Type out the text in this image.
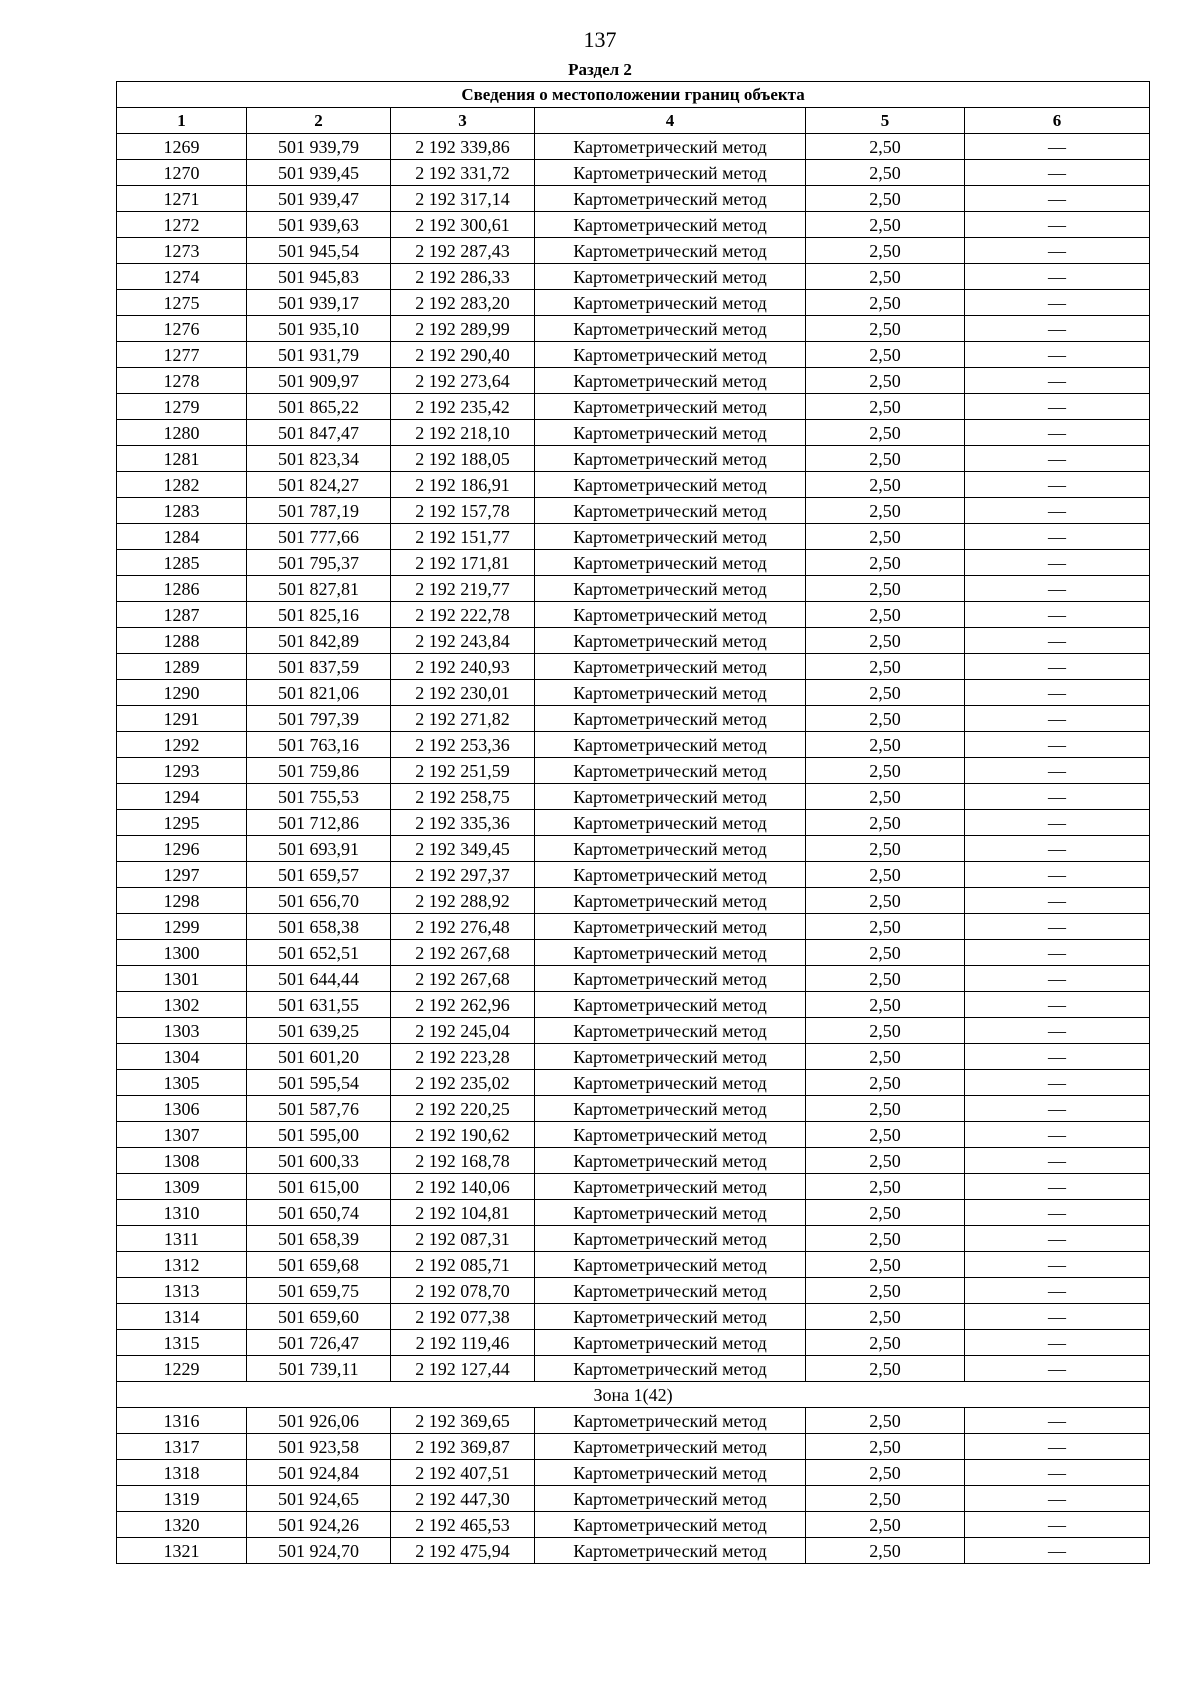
137
Раздел 2
Сведения о местоположении границ объекта					
1	2	3	4	5	6
1269	501 939,79	2 192 339,86	Картометрический метод	2,50	—
1270	501 939,45	2 192 331,72	Картометрический метод	2,50	—
1271	501 939,47	2 192 317,14	Картометрический метод	2,50	—
1272	501 939,63	2 192 300,61	Картометрический метод	2,50	—
1273	501 945,54	2 192 287,43	Картометрический метод	2,50	—
1274	501 945,83	2 192 286,33	Картометрический метод	2,50	—
1275	501 939,17	2 192 283,20	Картометрический метод	2,50	—
1276	501 935,10	2 192 289,99	Картометрический метод	2,50	—
1277	501 931,79	2 192 290,40	Картометрический метод	2,50	—
1278	501 909,97	2 192 273,64	Картометрический метод	2,50	—
1279	501 865,22	2 192 235,42	Картометрический метод	2,50	—
1280	501 847,47	2 192 218,10	Картометрический метод	2,50	—
1281	501 823,34	2 192 188,05	Картометрический метод	2,50	—
1282	501 824,27	2 192 186,91	Картометрический метод	2,50	—
1283	501 787,19	2 192 157,78	Картометрический метод	2,50	—
1284	501 777,66	2 192 151,77	Картометрический метод	2,50	—
1285	501 795,37	2 192 171,81	Картометрический метод	2,50	—
1286	501 827,81	2 192 219,77	Картометрический метод	2,50	—
1287	501 825,16	2 192 222,78	Картометрический метод	2,50	—
1288	501 842,89	2 192 243,84	Картометрический метод	2,50	—
1289	501 837,59	2 192 240,93	Картометрический метод	2,50	—
1290	501 821,06	2 192 230,01	Картометрический метод	2,50	—
1291	501 797,39	2 192 271,82	Картометрический метод	2,50	—
1292	501 763,16	2 192 253,36	Картометрический метод	2,50	—
1293	501 759,86	2 192 251,59	Картометрический метод	2,50	—
1294	501 755,53	2 192 258,75	Картометрический метод	2,50	—
1295	501 712,86	2 192 335,36	Картометрический метод	2,50	—
1296	501 693,91	2 192 349,45	Картометрический метод	2,50	—
1297	501 659,57	2 192 297,37	Картометрический метод	2,50	—
1298	501 656,70	2 192 288,92	Картометрический метод	2,50	—
1299	501 658,38	2 192 276,48	Картометрический метод	2,50	—
1300	501 652,51	2 192 267,68	Картометрический метод	2,50	—
1301	501 644,44	2 192 267,68	Картометрический метод	2,50	—
1302	501 631,55	2 192 262,96	Картометрический метод	2,50	—
1303	501 639,25	2 192 245,04	Картометрический метод	2,50	—
1304	501 601,20	2 192 223,28	Картометрический метод	2,50	—
1305	501 595,54	2 192 235,02	Картометрический метод	2,50	—
1306	501 587,76	2 192 220,25	Картометрический метод	2,50	—
1307	501 595,00	2 192 190,62	Картометрический метод	2,50	—
1308	501 600,33	2 192 168,78	Картометрический метод	2,50	—
1309	501 615,00	2 192 140,06	Картометрический метод	2,50	—
1310	501 650,74	2 192 104,81	Картометрический метод	2,50	—
1311	501 658,39	2 192 087,31	Картометрический метод	2,50	—
1312	501 659,68	2 192 085,71	Картометрический метод	2,50	—
1313	501 659,75	2 192 078,70	Картометрический метод	2,50	—
1314	501 659,60	2 192 077,38	Картометрический метод	2,50	—
1315	501 726,47	2 192 119,46	Картометрический метод	2,50	—
1229	501 739,11	2 192 127,44	Картометрический метод	2,50	—
Зона 1(42)					
1316	501 926,06	2 192 369,65	Картометрический метод	2,50	—
1317	501 923,58	2 192 369,87	Картометрический метод	2,50	—
1318	501 924,84	2 192 407,51	Картометрический метод	2,50	—
1319	501 924,65	2 192 447,30	Картометрический метод	2,50	—
1320	501 924,26	2 192 465,53	Картометрический метод	2,50	—
1321	501 924,70	2 192 475,94	Картометрический метод	2,50	—
